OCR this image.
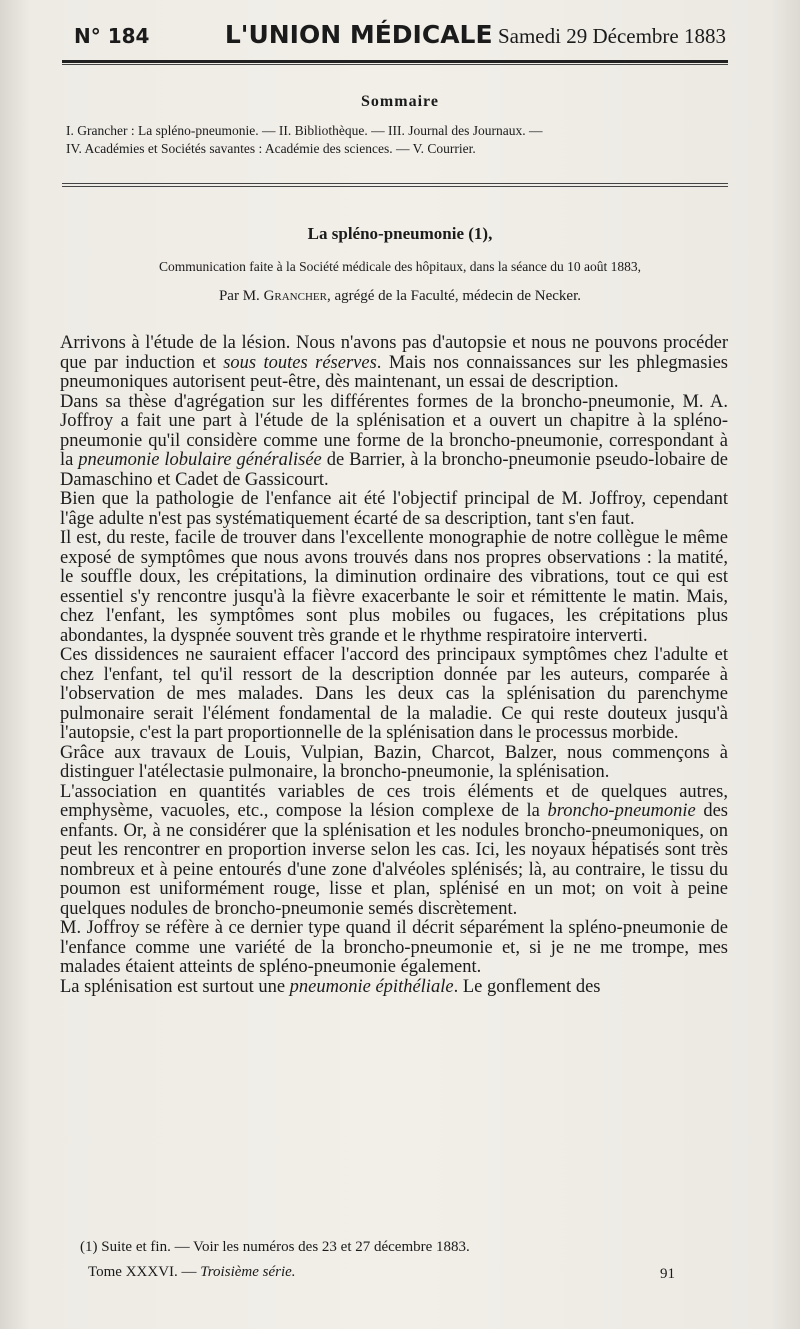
N° 184	L'UNION MÉDICALE Samedi 29 Décembre 1883
Sommaire
I. Grancher : La spléno-pneumonie. — II. Bibliothèque. — III. Journal des Journaux. —
IV. Académies et Sociétés savantes : Académie des sciences. — V. Courrier.
La spléno-pneumonie (1),
Communication faite à la Société médicale des hôpitaux, dans la séance du 10 août 1883,
Par M. Grancher, agrégé de la Faculté, médecin de Necker.

Arrivons à l'étude de la lésion. Nous n'avons pas d'autopsie et nous ne pouvons procéder que par induction et sous toutes réserves. Mais nos connaissances sur les phlegmasies pneumoniques autorisent peut-être, dès maintenant, un essai de description.

Dans sa thèse d'agrégation sur les différentes formes de la broncho-pneumonie, M. A. Joffroy a fait une part à l'étude de la splénisation et a ouvert un chapitre à la spléno-pneumonie qu'il considère comme une forme de la broncho-pneumonie, correspondant à la pneumonie lobulaire généralisée de Barrier, à la broncho-pneumonie pseudo-lobaire de Damaschino et Cadet de Gassicourt.

Bien que la pathologie de l'enfance ait été l'objectif principal de M. Joffroy, cependant l'âge adulte n'est pas systématiquement écarté de sa description, tant s'en faut.

Il est, du reste, facile de trouver dans l'excellente monographie de notre collègue le même exposé de symptômes que nous avons trouvés dans nos propres observations : la matité, le souffle doux, les crépitations, la diminution ordinaire des vibrations, tout ce qui est essentiel s'y rencontre jusqu'à la fièvre exacerbante le soir et rémittente le matin. Mais, chez l'enfant, les symptômes sont plus mobiles ou fugaces, les crépitations plus abondantes, la dyspnée souvent très grande et le rhythme respiratoire interverti.

Ces dissidences ne sauraient effacer l'accord des principaux symptômes chez l'adulte et chez l'enfant, tel qu'il ressort de la description donnée par les auteurs, comparée à l'observation de mes malades. Dans les deux cas la splénisation du parenchyme pulmonaire serait l'élément fondamental de la maladie. Ce qui reste douteux jusqu'à l'autopsie, c'est la part proportionnelle de la splénisation dans le processus morbide.

Grâce aux travaux de Louis, Vulpian, Bazin, Charcot, Balzer, nous commençons à distinguer l'atélectasie pulmonaire, la broncho-pneumonie, la splénisation.

L'association en quantités variables de ces trois éléments et de quelques autres, emphysème, vacuoles, etc., compose la lésion complexe de la broncho-pneumonie des enfants. Or, à ne considérer que la splénisation et les nodules broncho-pneumoniques, on peut les rencontrer en proportion inverse selon les cas. Ici, les noyaux hépatisés sont très nombreux et à peine entourés d'une zone d'alvéoles splénisés; là, au contraire, le tissu du poumon est uniformément rouge, lisse et plan, splénisé en un mot; on voit à peine quelques nodules de broncho-pneumonie semés discrètement.

M. Joffroy se réfère à ce dernier type quand il décrit séparément la spléno-pneumonie de l'enfance comme une variété de la broncho-pneumonie et, si je ne me trompe, mes malades étaient atteints de spléno-pneumonie également.

La splénisation est surtout une pneumonie épithéliale. Le gonflement des

(1) Suite et fin. — Voir les numéros des 23 et 27 décembre 1883.
Tome XXXVI. — Troisième série.	91
